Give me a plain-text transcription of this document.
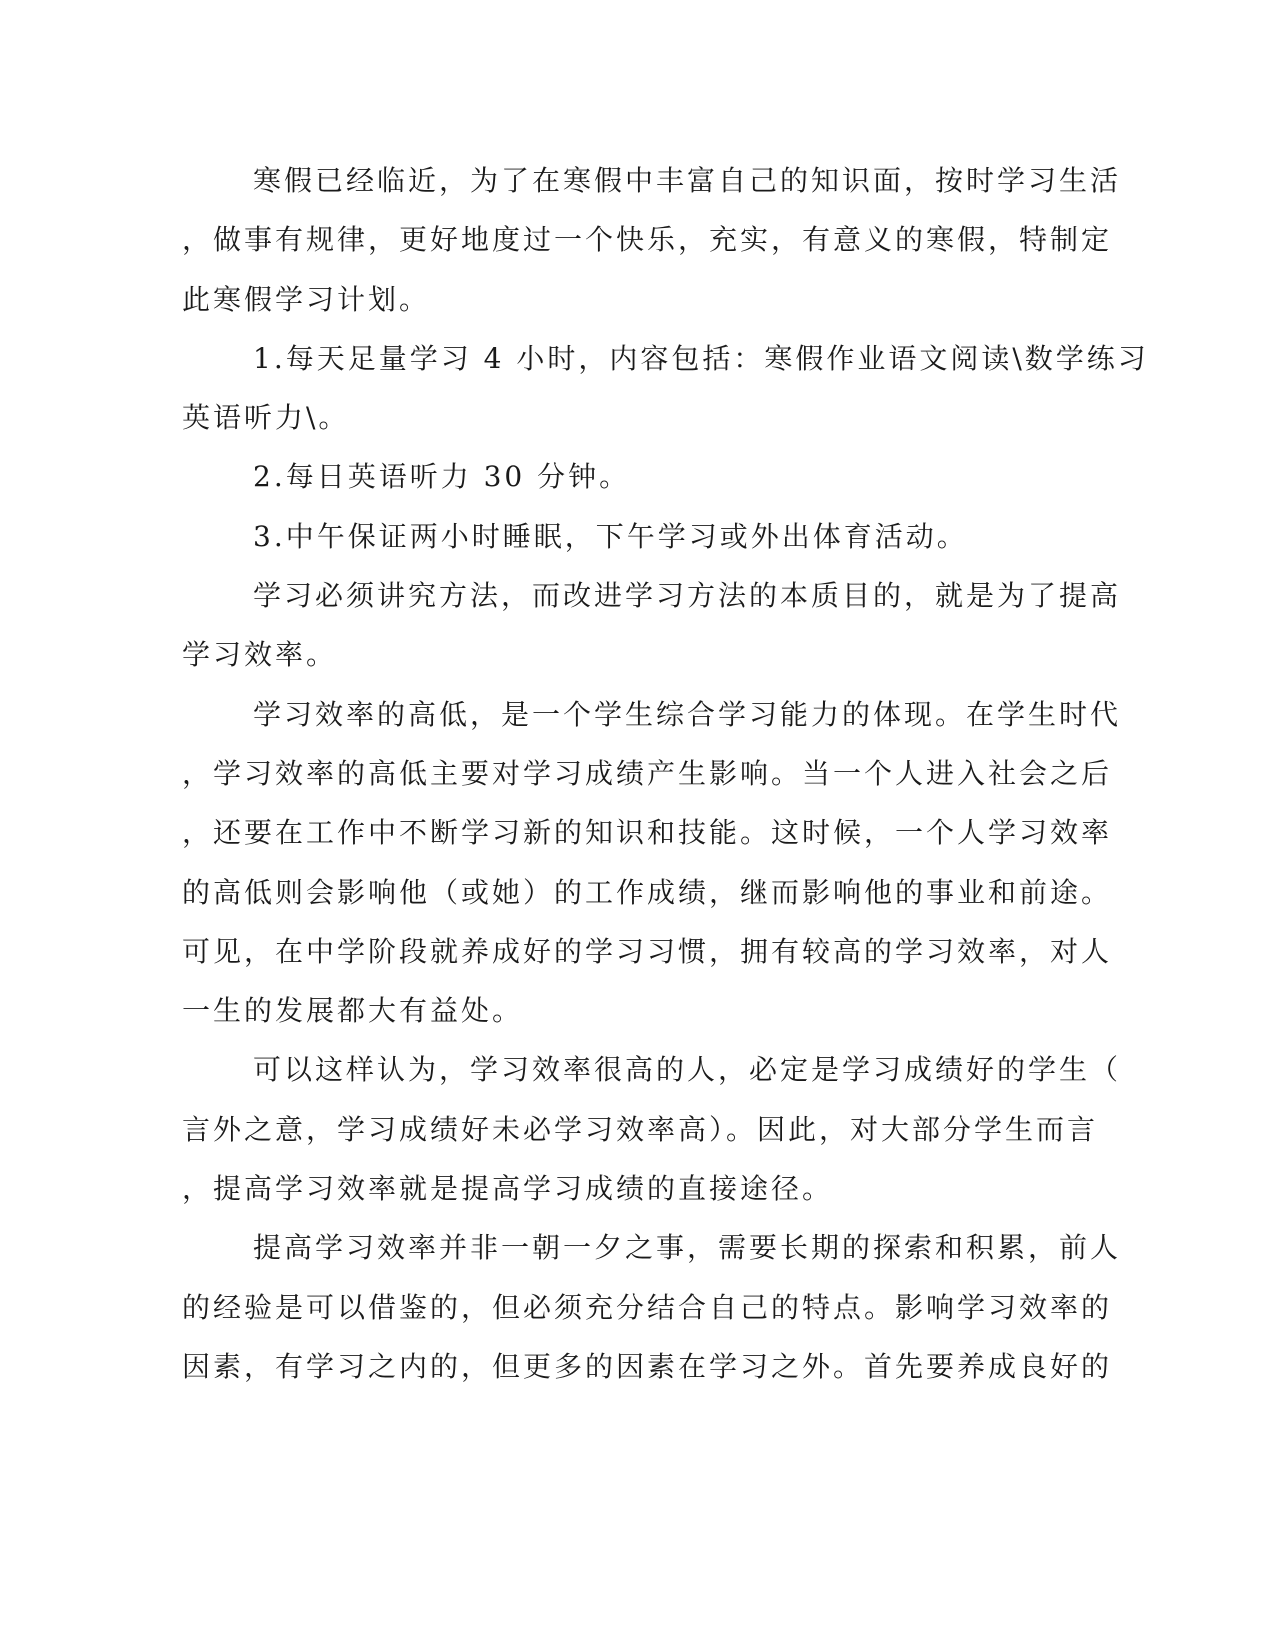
寒假已经临近，为了在寒假中丰富自己的知识面，按时学习生活
，做事有规律，更好地度过一个快乐，充实，有意义的寒假，特制定
此寒假学习计划。
1.每天足量学习 4 小时，内容包括：寒假作业语文阅读\数学练习
英语听力\。
2.每日英语听力 30 分钟。
3.中午保证两小时睡眠，下午学习或外出体育活动。
学习必须讲究方法，而改进学习方法的本质目的，就是为了提高
学习效率。
学习效率的高低，是一个学生综合学习能力的体现。在学生时代
，学习效率的高低主要对学习成绩产生影响。当一个人进入社会之后
，还要在工作中不断学习新的知识和技能。这时候，一个人学习效率
的高低则会影响他（或她）的工作成绩，继而影响他的事业和前途。
可见，在中学阶段就养成好的学习习惯，拥有较高的学习效率，对人
一生的发展都大有益处。
可以这样认为，学习效率很高的人，必定是学习成绩好的学生（
言外之意，学习成绩好未必学习效率高）。因此，对大部分学生而言
，提高学习效率就是提高学习成绩的直接途径。
提高学习效率并非一朝一夕之事，需要长期的探索和积累，前人
的经验是可以借鉴的，但必须充分结合自己的特点。影响学习效率的
因素，有学习之内的，但更多的因素在学习之外。首先要养成良好的
